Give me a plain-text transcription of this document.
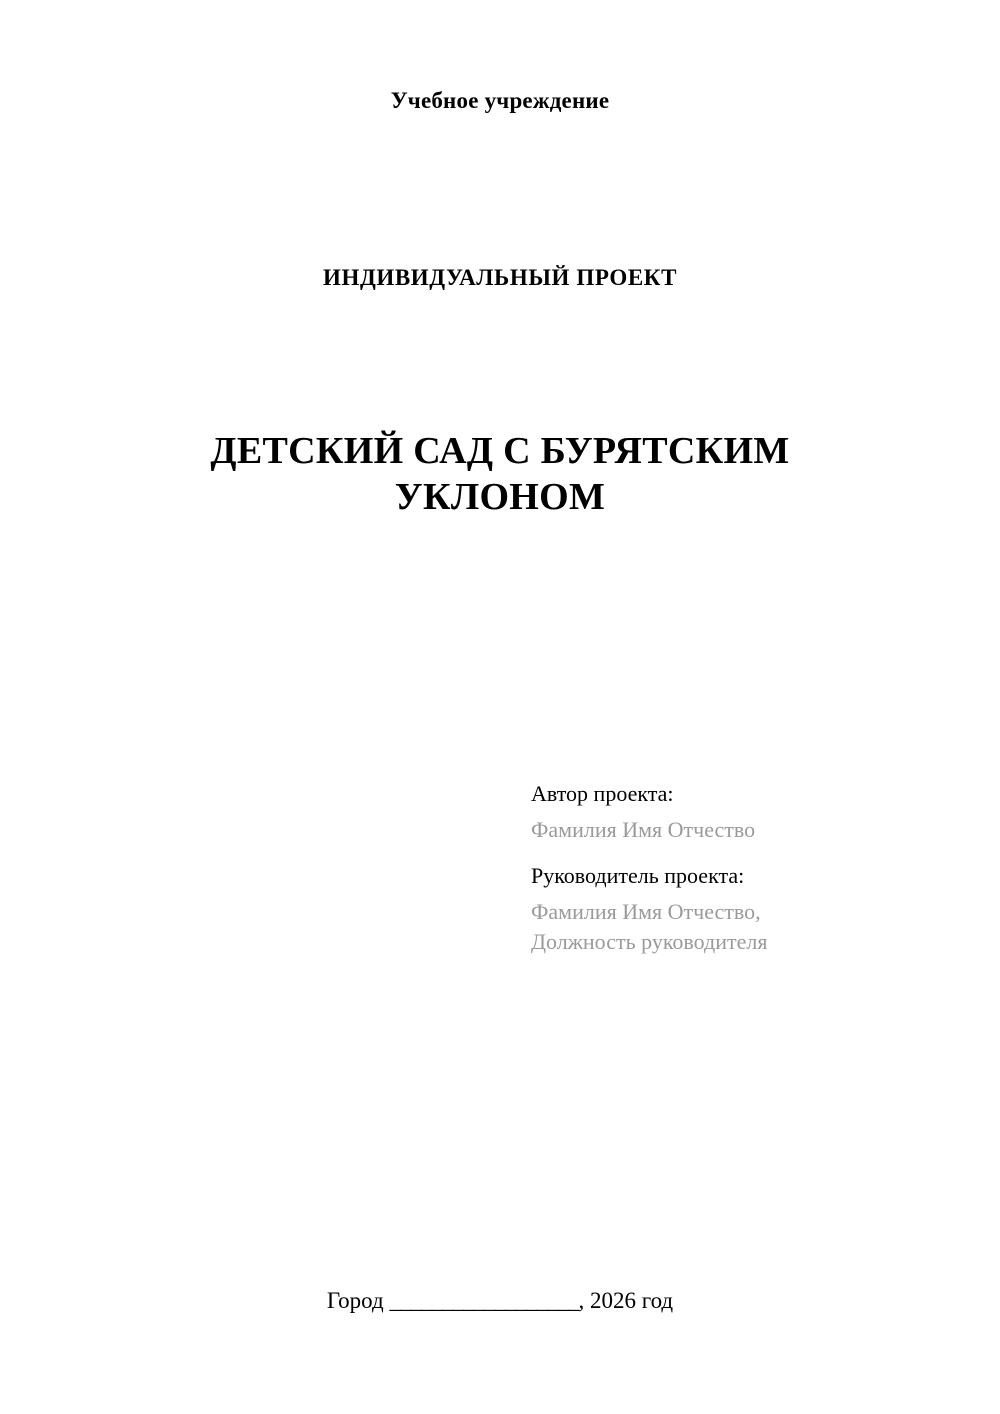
Учебное учреждение
ИНДИВИДУАЛЬНЫЙ ПРОЕКТ
ДЕТСКИЙ САД С БУРЯТСКИМ
УКЛОНОМ
Автор проекта:
Фамилия Имя Отчество
Руководитель проекта:
Фамилия Имя Отчество,
Должность руководителя
Город __________________, 2026 год
